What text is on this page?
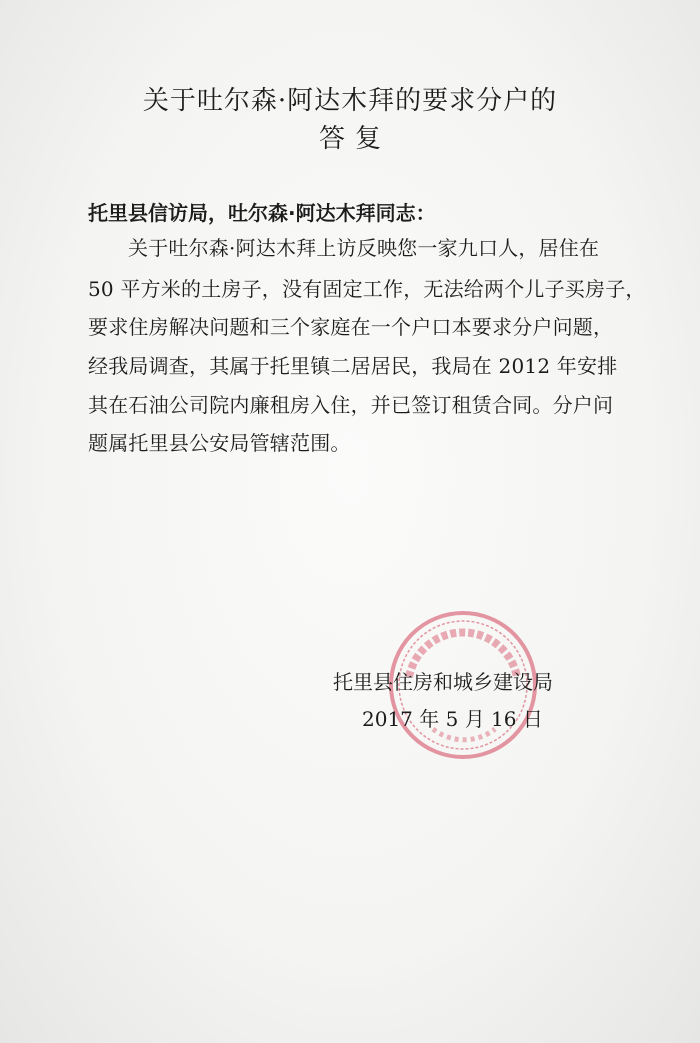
关于吐尔森·阿达木拜的要求分户的
答复
托里县信访局，吐尔森·阿达木拜同志：
关于吐尔森·阿达木拜上访反映您一家九口人，居住在
50 平方米的土房子，没有固定工作，无法给两个儿子买房子，
要求住房解决问题和三个家庭在一个户口本要求分户问题，
经我局调查，其属于托里镇二居居民，我局在 2012 年安排
其在石油公司院内廉租房入住，并已签订租赁合同。分户问
题属托里县公安局管辖范围。
托里县住房和城乡建设局
2017 年 5 月 16 日
